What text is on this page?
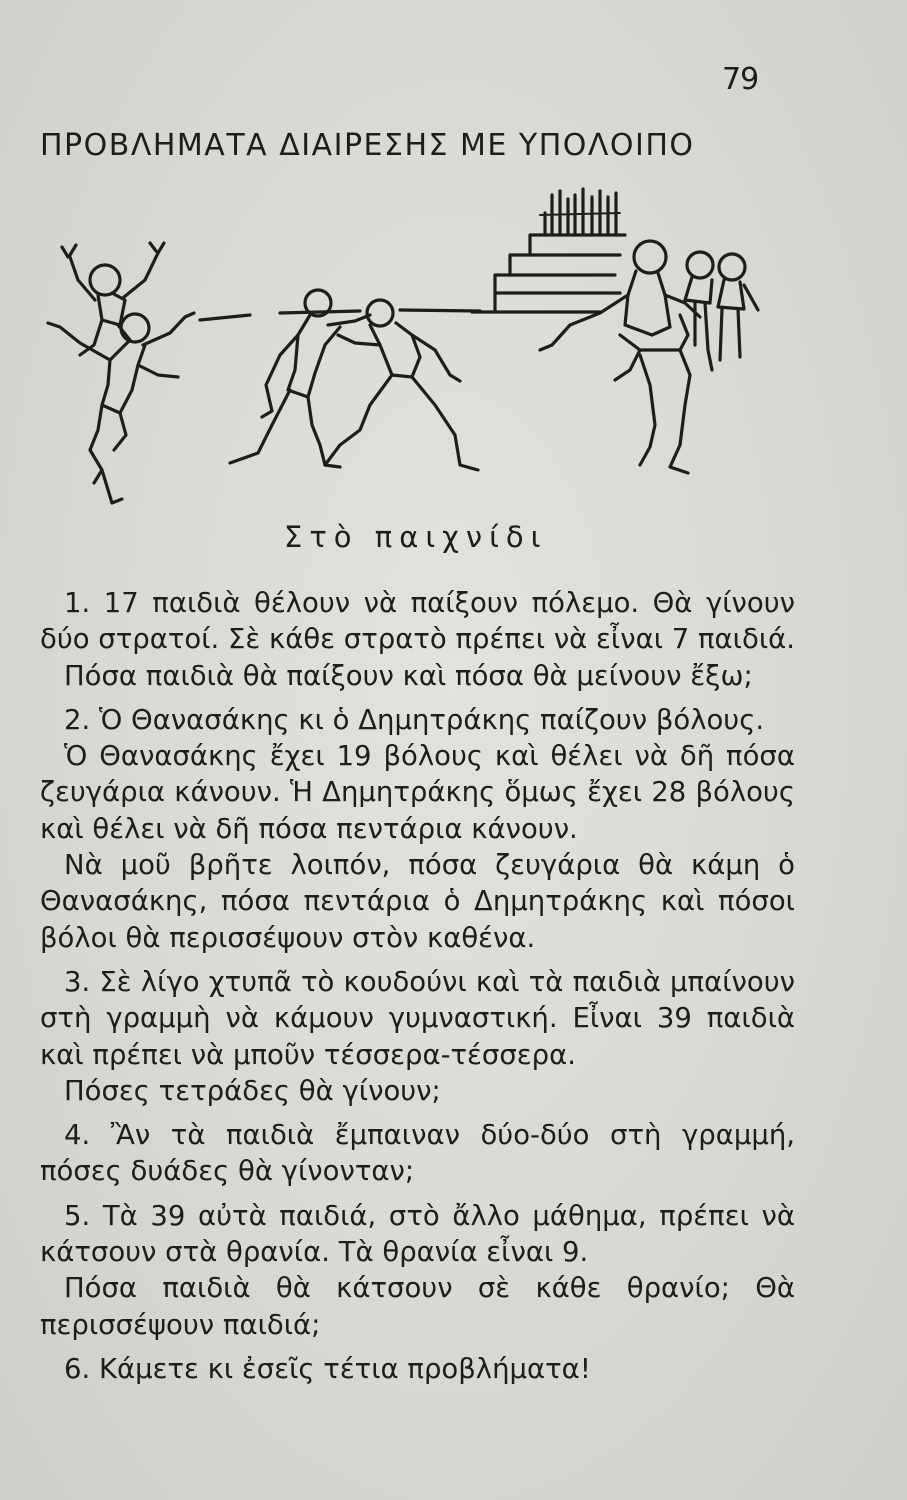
79
ΠΡΟΒΛΗΜΑΤΑ ΔΙΑΙΡΕΣΗΣ ΜΕ ΥΠΟΛΟΙΠΟ
Στὸ παιχνίδι

1. 17 παιδιὰ θέλουν νὰ παίξουν πόλεμο. Θὰ γίνουν δύο στρατοί. Σὲ κάθε στρατὸ πρέπει νὰ εἶναι 7 παιδιά.

Πόσα παιδιὰ θὰ παίξουν καὶ πόσα θὰ μείνουν ἔξω;

2. Ὁ Θανασάκης κι ὁ Δημητράκης παίζουν βόλους.

Ὁ Θανασάκης ἔχει 19 βόλους καὶ θέλει νὰ δῆ πόσα ζευγάρια κάνουν. Ἡ Δημητράκης ὅμως ἔχει 28 βόλους καὶ θέλει νὰ δῆ πόσα πεντάρια κάνουν.

Νὰ μοῦ βρῆτε λοιπόν, πόσα ζευγάρια θὰ κάμη ὁ Θανασάκης, πόσα πεντάρια ὁ Δημητράκης καὶ πόσοι βόλοι θὰ περισσέψουν στὸν καθένα.

3. Σὲ λίγο χτυπᾶ τὸ κουδούνι καὶ τὰ παιδιὰ μπαίνουν στὴ γραμμὴ νὰ κάμουν γυμναστική. Εἶναι 39 παιδιὰ καὶ πρέπει νὰ μποῦν τέσσερα-τέσσερα.

Πόσες τετράδες θὰ γίνουν;

4. Ἂν τὰ παιδιὰ ἔμπαιναν δύο-δύο στὴ γραμμή, πόσες δυάδες θὰ γίνονταν;

5. Τὰ 39 αὐτὰ παιδιά, στὸ ἄλλο μάθημα, πρέπει νὰ κάτσουν στὰ θρανία. Τὰ θρανία εἶναι 9.

Πόσα παιδιὰ θὰ κάτσουν σὲ κάθε θρανίο; Θὰ περισσέψουν παιδιά;

6. Κάμετε κι ἐσεῖς τέτια προβλήματα!
